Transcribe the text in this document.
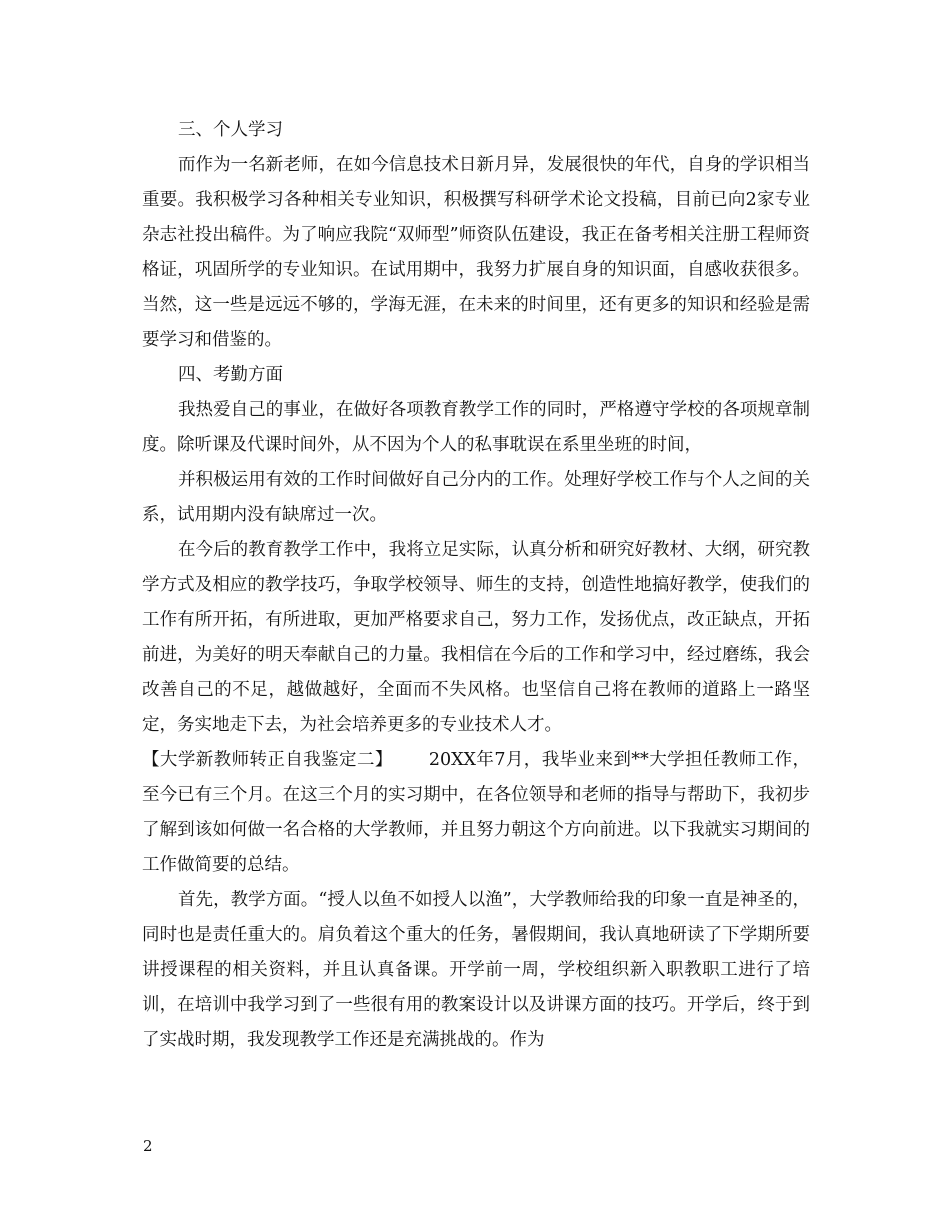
三、个人学习

而作为一名新老师，在如今信息技术日新月异，发展很快的年代，自身的学识相当重要。我积极学习各种相关专业知识，积极撰写科研学术论文投稿，目前已向2家专业杂志社投出稿件。为了响应我院“双师型”师资队伍建设，我正在备考相关注册工程师资格证，巩固所学的专业知识。在试用期中，我努力扩展自身的知识面，自感收获很多。当然，这一些是远远不够的，学海无涯，在未来的时间里，还有更多的知识和经验是需要学习和借鉴的。

四、考勤方面

我热爱自己的事业，在做好各项教育教学工作的同时，严格遵守学校的各项规章制度。除听课及代课时间外，从不因为个人的私事耽误在系里坐班的时间，

并积极运用有效的工作时间做好自己分内的工作。处理好学校工作与个人之间的关系，试用期内没有缺席过一次。

在今后的教育教学工作中，我将立足实际，认真分析和研究好教材、大纲，研究教学方式及相应的教学技巧，争取学校领导、师生的支持，创造性地搞好教学，使我们的工作有所开拓，有所进取，更加严格要求自己，努力工作，发扬优点，改正缺点，开拓前进，为美好的明天奉献自己的力量。我相信在今后的工作和学习中，经过磨练，我会改善自己的不足，越做越好，全面而不失风格。也坚信自己将在教师的道路上一路坚定，务实地走下去，为社会培养更多的专业技术人才。

【大学新教师转正自我鉴定二】 20XX年7月，我毕业来到**大学担任教师工作，至今已有三个月。在这三个月的实习期中，在各位领导和老师的指导与帮助下，我初步了解到该如何做一名合格的大学教师，并且努力朝这个方向前进。以下我就实习期间的工作做简要的总结。

首先，教学方面。“授人以鱼不如授人以渔”，大学教师给我的印象一直是神圣的，同时也是责任重大的。肩负着这个重大的任务，暑假期间，我认真地研读了下学期所要讲授课程的相关资料，并且认真备课。开学前一周，学校组织新入职教职工进行了培训，在培训中我学习到了一些很有用的教案设计以及讲课方面的技巧。开学后，终于到了实战时期，我发现教学工作还是充满挑战的。作为

2
